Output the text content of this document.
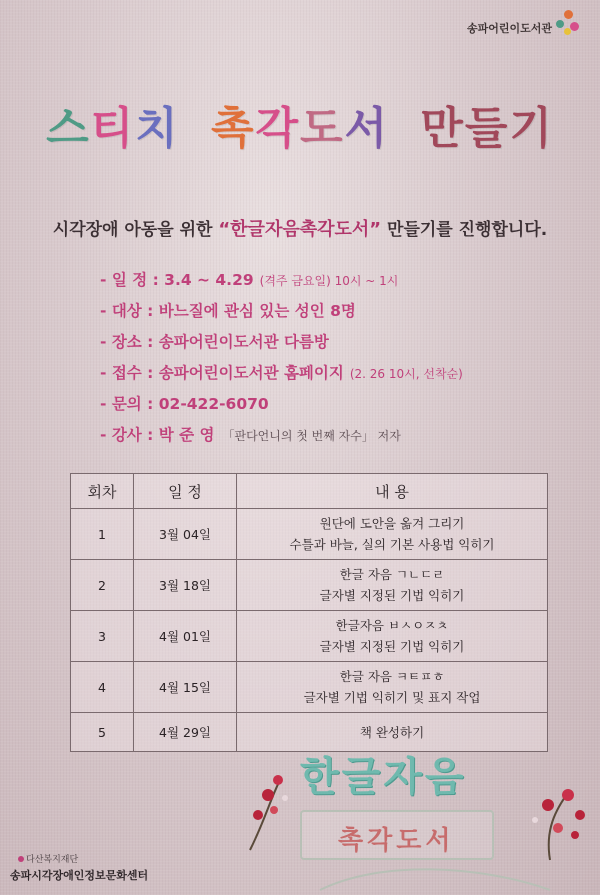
송파어린이도서관
스티치 촉각도서 만들기
시각장애 아동을 위한 “한글자음촉각도서” 만들기를 진행합니다.
- 일 정 : 3.4 ~ 4.29 (격주 금요일) 10시 ~ 1시
- 대상 : 바느질에 관심 있는 성인 8명
- 장소 : 송파어린이도서관 다름방
- 접수 : 송파어린이도서관 홈페이지 (2. 26 10시, 선착순)
- 문의 : 02-422-6070
- 강사 : 박 준 영 「판다언니의 첫 번째 자수」 저자
회차	일 정	내 용
1	3월 04일	원단에 도안을 옮겨 그리기
수틀과 바늘, 실의 기본 사용법 익히기

2	3월 18일	한글 자음 ㄱㄴㄷㄹ
글자별 지정된 기법 익히기

3	4월 01일	한글자음 ㅂㅅㅇㅈㅊ
글자별 지정된 기법 익히기

4	4월 15일	한글 자음 ㅋㅌㅍㅎ
글자별 기법 익히기 및 표지 작업

5	4월 29일	책 완성하기
한글자음
촉각도서
다산복지재단
송파시각장애인정보문화센터
